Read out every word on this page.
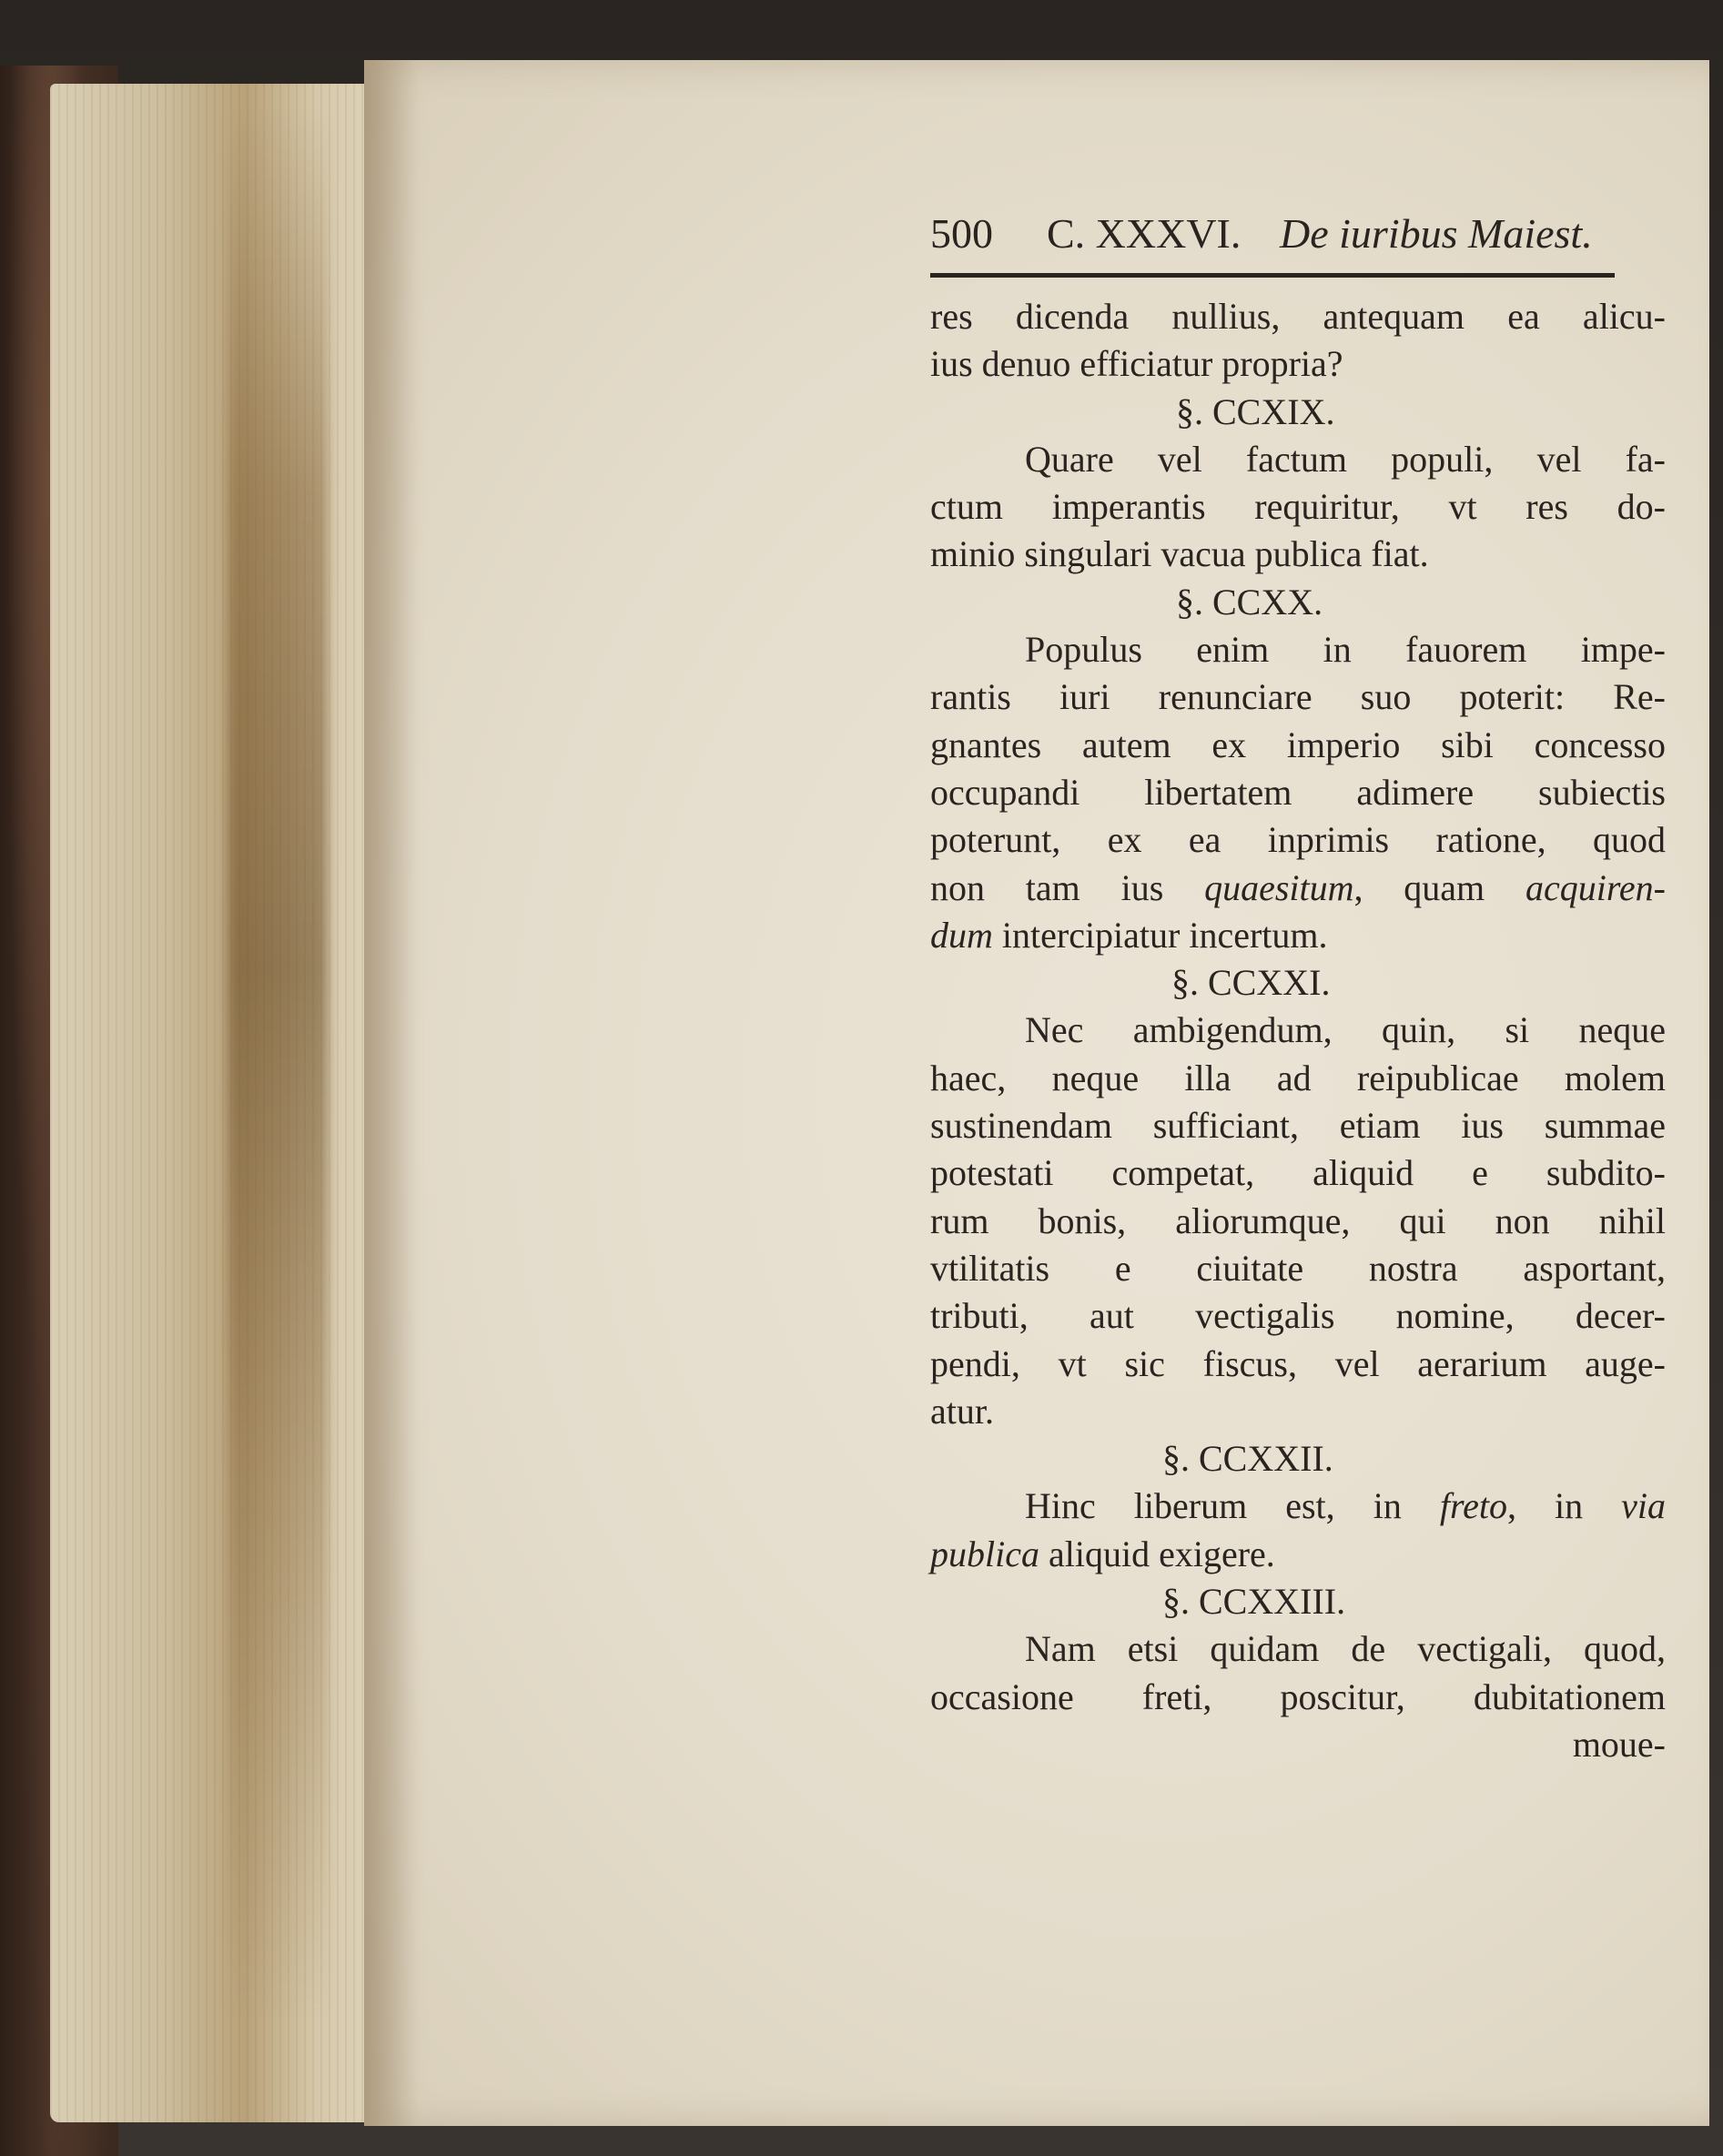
500 C. XXXVI. De iuribus Maiest.
res dicenda nullius, antequam ea alicu-
ius denuo efficiatur propria?
§. CCXIX.
Quare vel factum populi, vel fa-
ctum imperantis requiritur, vt res do-
minio singulari vacua publica fiat.
§. CCXX.
Populus enim in fauorem impe-
rantis iuri renunciare suo poterit: Re-
gnantes autem ex imperio sibi concesso
occupandi libertatem adimere subiectis
poterunt, ex ea inprimis ratione, quod
non tam ius quaesitum, quam acquiren-
dum intercipiatur incertum.
§. CCXXI.
Nec ambigendum, quin, si neque
haec, neque illa ad reipublicae molem
sustinendam sufficiant, etiam ius summae
potestati competat, aliquid e subdito-
rum bonis, aliorumque, qui non nihil
vtilitatis e ciuitate nostra asportant,
tributi, aut vectigalis nomine, decer-
pendi, vt sic fiscus, vel aerarium auge-
atur.
§. CCXXII.
Hinc liberum est, in freto, in via
publica aliquid exigere.
§. CCXXIII.
Nam etsi quidam de vectigali, quod,
occasione freti, poscitur, dubitationem
moue-
